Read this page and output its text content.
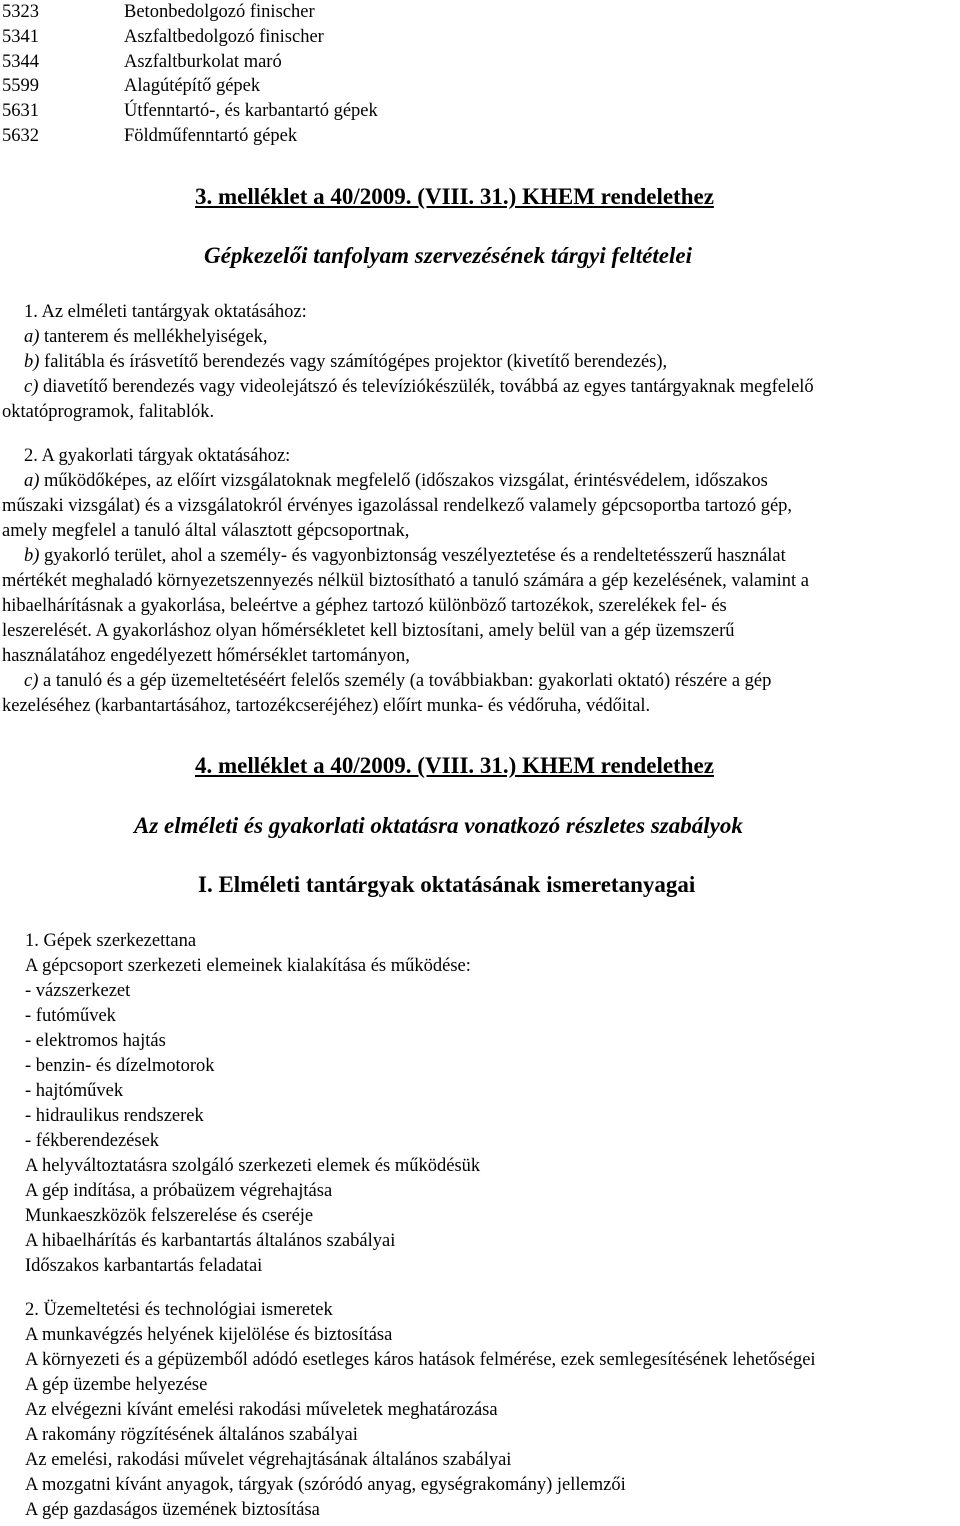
5323	Betonbedolgozó finischer
5341	Aszfaltbedolgozó finischer
5344	Aszfaltburkolat maró
5599	Alagútépítő gépek
5631	Útfenntartó-, és karbantartó gépek
5632	Földműfenntartó gépek
3. melléklet a 40/2009. (VIII. 31.) KHEM rendelethez
Gépkezelői tanfolyam szervezésének tárgyi feltételei
1. Az elméleti tantárgyak oktatásához:
a) tanterem és mellékhelyiségek,
b) falitábla és írásvetítő berendezés vagy számítógépes projektor (kivetítő berendezés),
c) diavetítő berendezés vagy videolejátszó és televíziókészülék, továbbá az egyes tantárgyaknak megfelelő
oktatóprogramok, falitablók.
2. A gyakorlati tárgyak oktatásához:
a) működőképes, az előírt vizsgálatoknak megfelelő (időszakos vizsgálat, érintésvédelem, időszakos
műszaki vizsgálat) és a vizsgálatokról érvényes igazolással rendelkező valamely gépcsoportba tartozó gép,
amely megfelel a tanuló által választott gépcsoportnak,
b) gyakorló terület, ahol a személy- és vagyonbiztonság veszélyeztetése és a rendeltetésszerű használat
mértékét meghaladó környezetszennyezés nélkül biztosítható a tanuló számára a gép kezelésének, valamint a
hibaelhárításnak a gyakorlása, beleértve a géphez tartozó különböző tartozékok, szerelékek fel- és
leszerelését. A gyakorláshoz olyan hőmérsékletet kell biztosítani, amely belül van a gép üzemszerű
használatához engedélyezett hőmérséklet tartományon,
c) a tanuló és a gép üzemeltetéséért felelős személy (a továbbiakban: gyakorlati oktató) részére a gép
kezeléséhez (karbantartásához, tartozékcseréjéhez) előírt munka- és védőruha, védőital.
4. melléklet a 40/2009. (VIII. 31.) KHEM rendelethez
Az elméleti és gyakorlati oktatásra vonatkozó részletes szabályok
I. Elméleti tantárgyak oktatásának ismeretanyagai
1. Gépek szerkezettana
A gépcsoport szerkezeti elemeinek kialakítása és működése:
- vázszerkezet
- futóművek
- elektromos hajtás
- benzin- és dízelmotorok
- hajtóművek
- hidraulikus rendszerek
- fékberendezések
A helyváltoztatásra szolgáló szerkezeti elemek és működésük
A gép indítása, a próbaüzem végrehajtása
Munkaeszközök felszerelése és cseréje
A hibaelhárítás és karbantartás általános szabályai
Időszakos karbantartás feladatai
2. Üzemeltetési és technológiai ismeretek
A munkavégzés helyének kijelölése és biztosítása
A környezeti és a gépüzemből adódó esetleges káros hatások felmérése, ezek semlegesítésének lehetőségei
A gép üzembe helyezése
Az elvégezni kívánt emelési rakodási műveletek meghatározása
A rakomány rögzítésének általános szabályai
Az emelési, rakodási művelet végrehajtásának általános szabályai
A mozgatni kívánt anyagok, tárgyak (szóródó anyag, egységrakomány) jellemzői
A gép gazdaságos üzemének biztosítása
